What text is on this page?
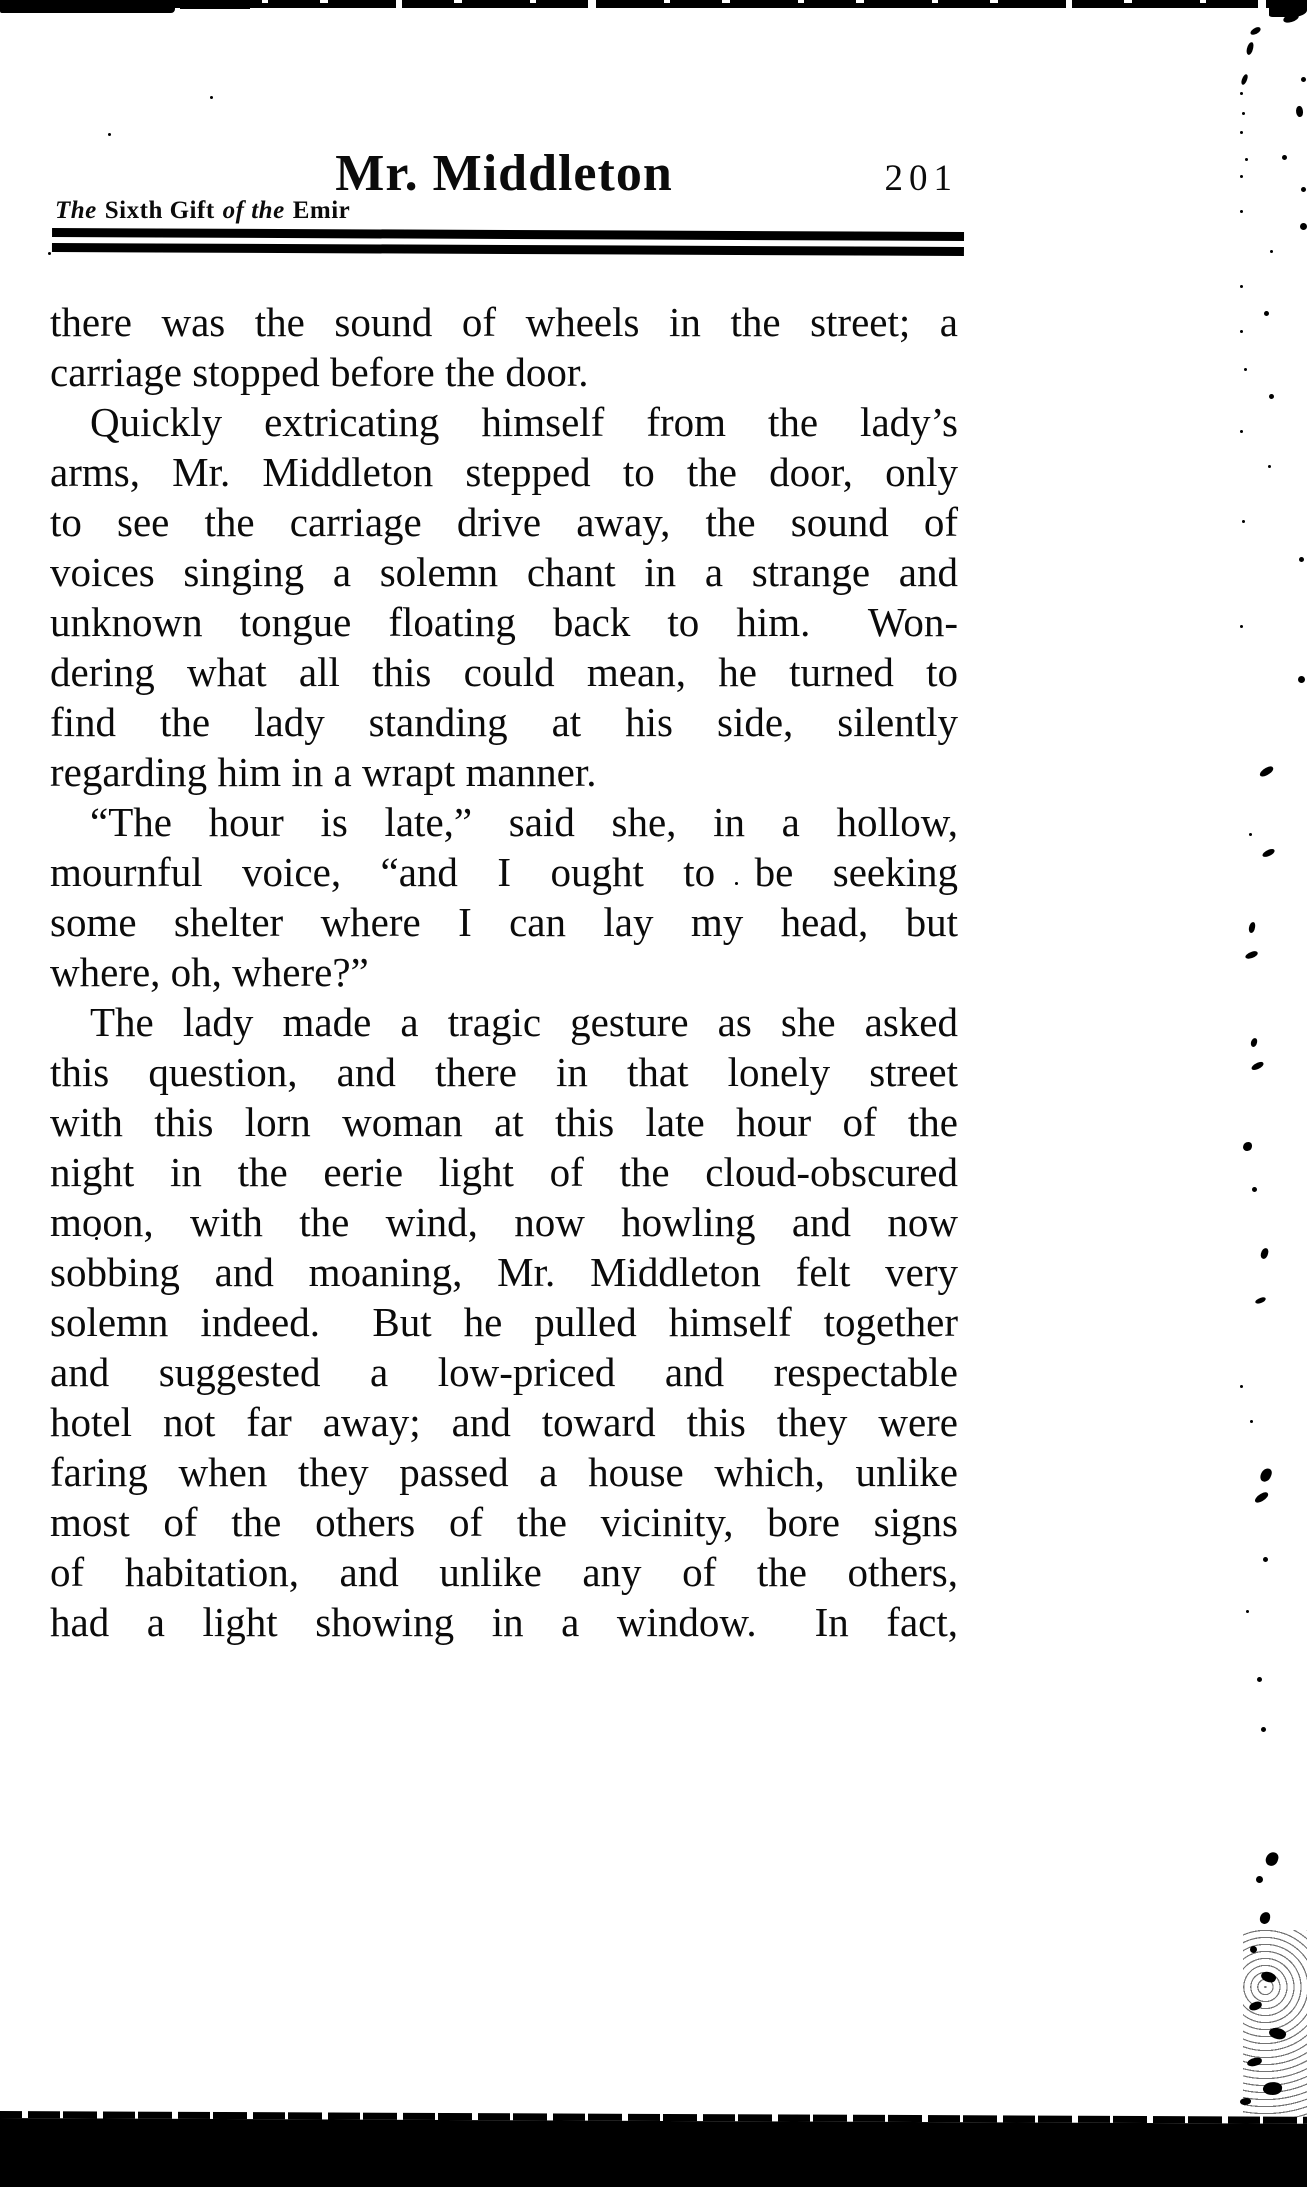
Mr. Middleton	201
The Sixth Gift of the Emir
there was the sound of wheels in the street; a
carriage stopped before the door.
Quickly extricating himself from the lady’s
arms, Mr. Middleton stepped to the door, only
to see the carriage drive away, the sound of
voices singing a solemn chant in a strange and
unknown tongue floating back to him.  Won-
dering what all this could mean, he turned to
find the lady standing at his side, silently
regarding him in a wrapt manner.
“The hour is late,” said she, in a hollow,
mournful voice, “and I ought to be seeking
some shelter where I can lay my head, but
where, oh, where?”
The lady made a tragic gesture as she asked
this question, and there in that lonely street
with this lorn woman at this late hour of the
night in the eerie light of the cloud-obscured
moon, with the wind, now howling and now
sobbing and moaning, Mr. Middleton felt very
solemn indeed.  But he pulled himself together
and suggested a low-priced and respectable
hotel not far away; and toward this they were
faring when they passed a house which, unlike
most of the others of the vicinity, bore signs
of habitation, and unlike any of the others,
had a light showing in a window.  In fact,
